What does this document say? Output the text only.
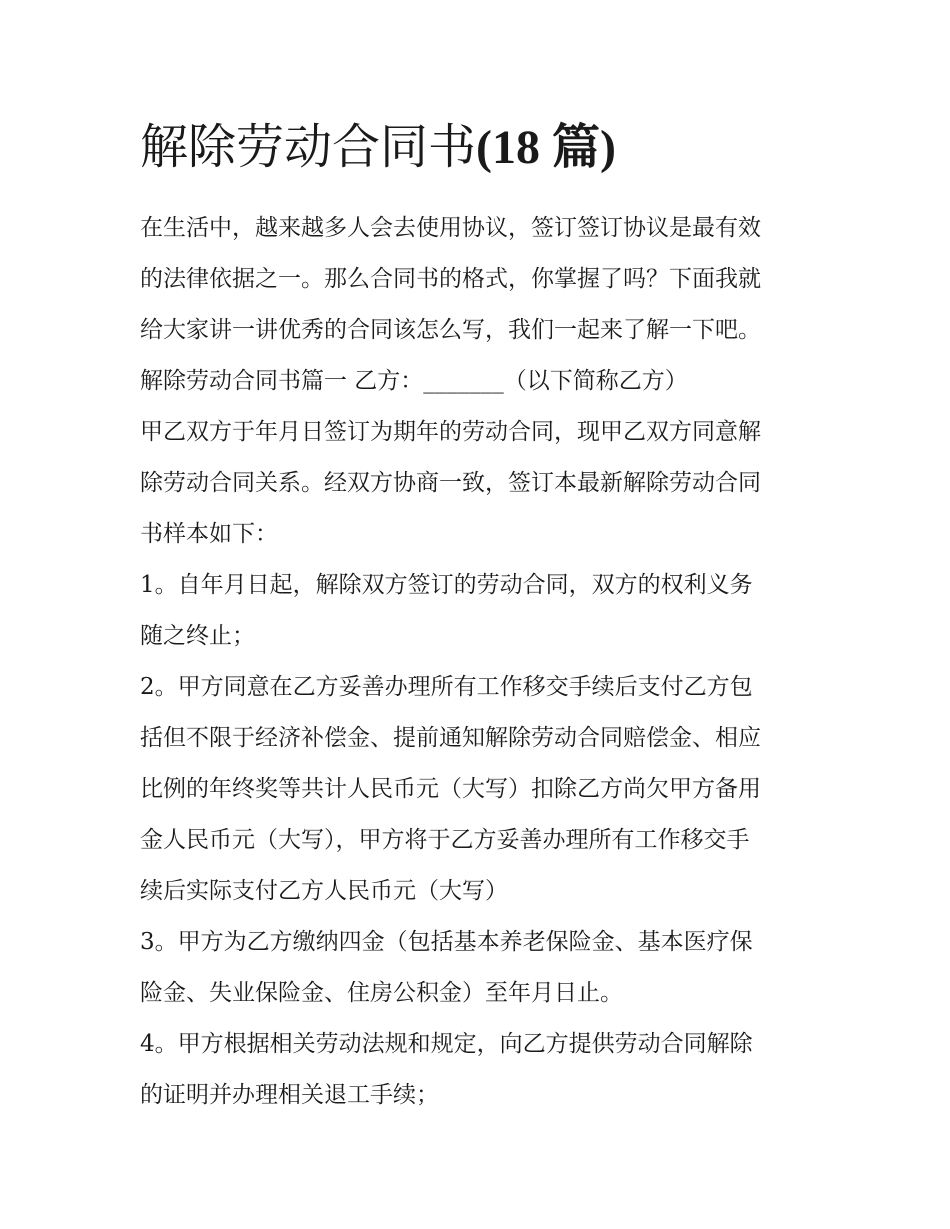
解除劳动合同书(18 篇)

在生活中，越来越多人会去使用协议，签订签订协议是最有效

的法律依据之一。那么合同书的格式，你掌握了吗？下面我就

给大家讲一讲优秀的合同该怎么写，我们一起来了解一下吧。

解除劳动合同书篇一 乙方：_______（以下简称乙方）

甲乙双方于年月日签订为期年的劳动合同，现甲乙双方同意解

除劳动合同关系。经双方协商一致，签订本最新解除劳动合同

书样本如下：

1。自年月日起，解除双方签订的劳动合同，双方的权利义务

随之终止；

2。甲方同意在乙方妥善办理所有工作移交手续后支付乙方包

括但不限于经济补偿金、提前通知解除劳动合同赔偿金、相应

比例的年终奖等共计人民币元（大写）扣除乙方尚欠甲方备用

金人民币元（大写），甲方将于乙方妥善办理所有工作移交手

续后实际支付乙方人民币元（大写）

3。甲方为乙方缴纳四金（包括基本养老保险金、基本医疗保

险金、失业保险金、住房公积金）至年月日止。

4。甲方根据相关劳动法规和规定，向乙方提供劳动合同解除

的证明并办理相关退工手续；
